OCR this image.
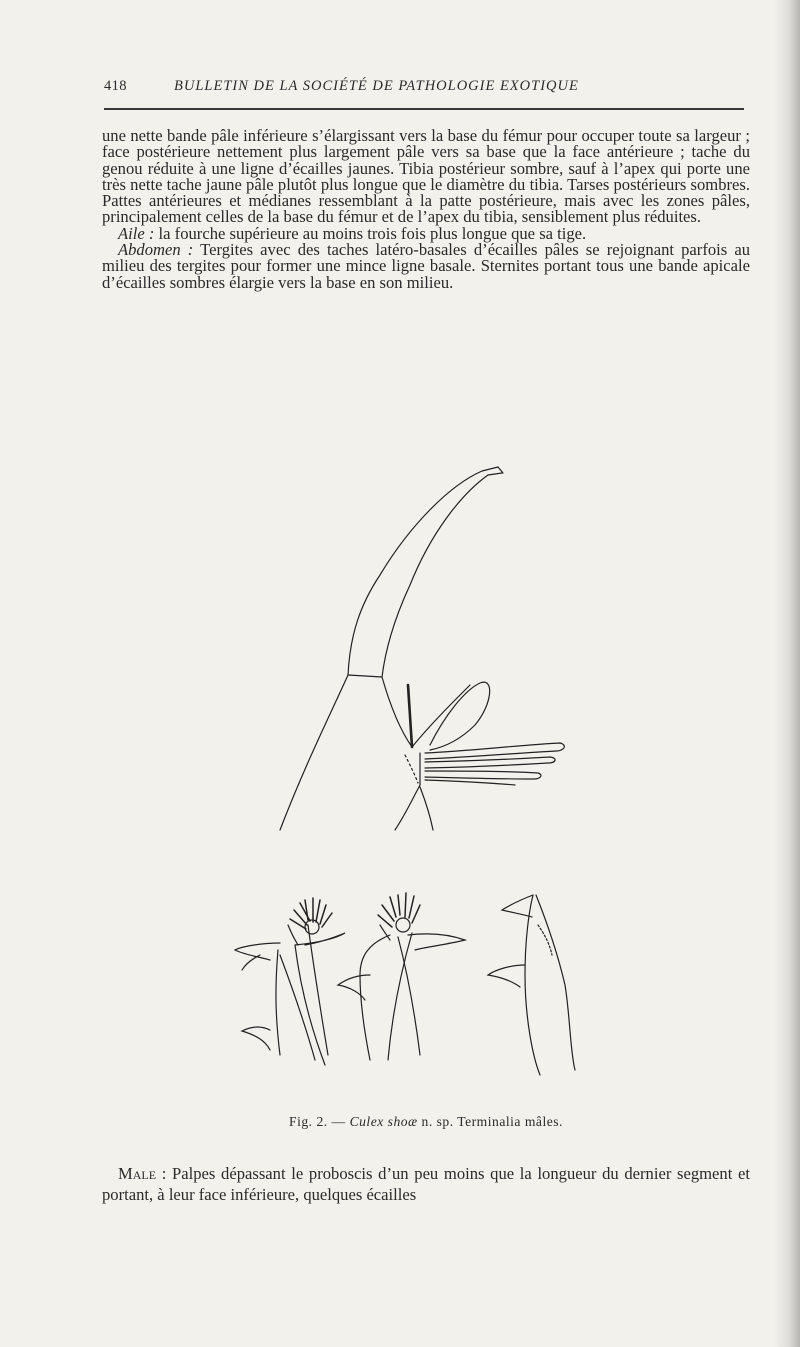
418	BULLETIN DE LA SOCIÉTÉ DE PATHOLOGIE EXOTIQUE

une nette bande pâle inférieure s’élargissant vers la base du fémur pour occuper toute sa largeur ; face postérieure nettement plus largement pâle vers sa base que la face antérieure ; tache du genou réduite à une ligne d’écailles jaunes. Tibia postérieur sombre, sauf à l’apex qui porte une très nette tache jaune pâle plutôt plus longue que le diamètre du tibia. Tarses postérieurs sombres. Pattes antérieures et médianes ressemblant à la patte postérieure, mais avec les zones pâles, principalement celles de la base du fémur et de l’apex du tibia, sensiblement plus réduites.

Aile : la fourche supérieure au moins trois fois plus longue que sa tige.

Abdomen : Tergites avec des taches latéro-basales d’écailles pâles se rejoignant parfois au milieu des tergites pour former une mince ligne basale. Sternites portant tous une bande apicale d’écailles sombres élargie vers la base en son milieu.

Fig. 2. — Culex shoæ n. sp. Terminalia mâles.

Male : Palpes dépassant le proboscis d’un peu moins que la longueur du dernier segment et portant, à leur face inférieure, quelques écailles
